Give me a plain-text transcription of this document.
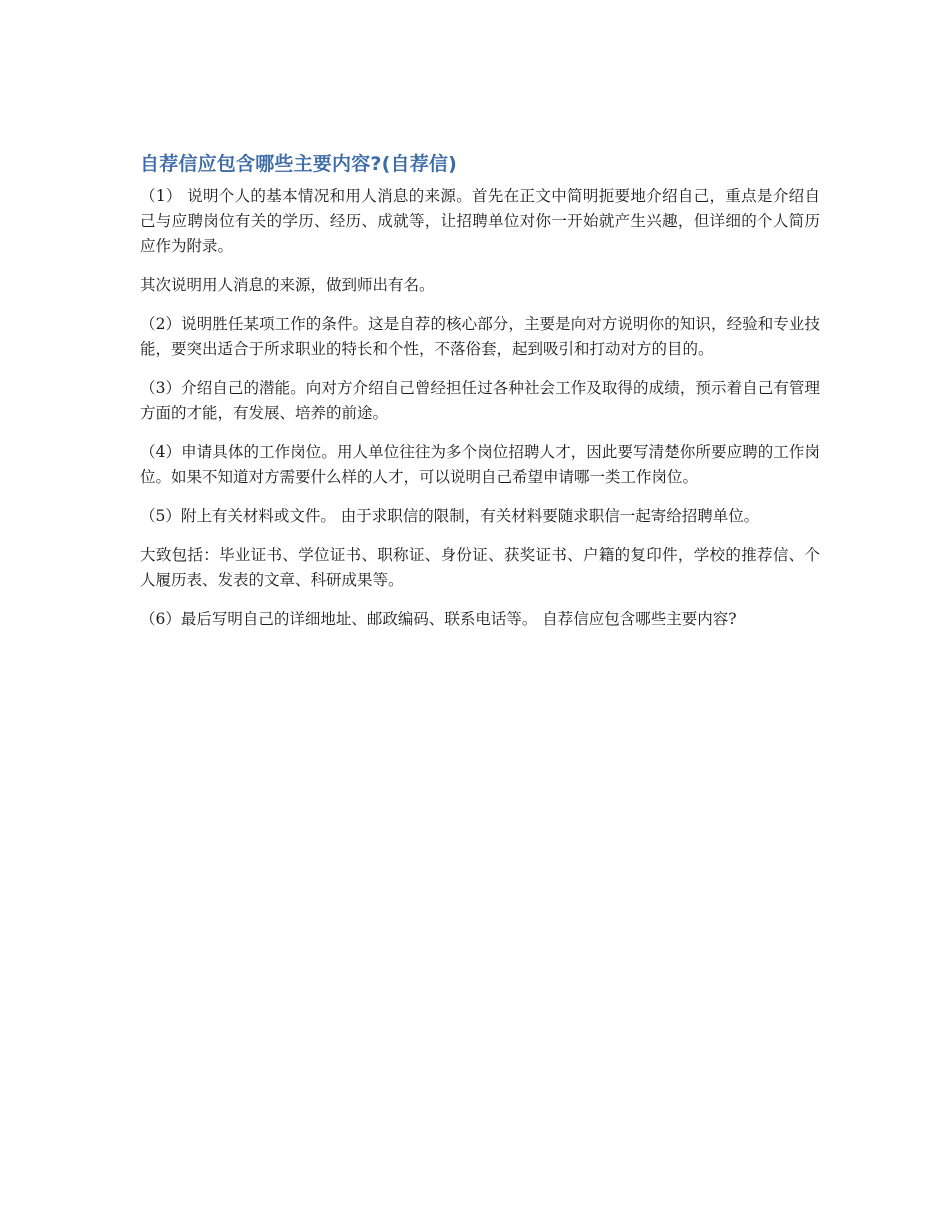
自荐信应包含哪些主要内容?(自荐信)

（1） 说明个人的基本情况和用人消息的来源。首先在正文中简明扼要地介绍自己，重点是介绍自己与应聘岗位有关的学历、经历、成就等，让招聘单位对你一开始就产生兴趣，但详细的个人简历应作为附录。

其次说明用人消息的来源，做到师出有名。

（2）说明胜任某项工作的条件。这是自荐的核心部分，主要是向对方说明你的知识，经验和专业技能，要突出适合于所求职业的特长和个性，不落俗套，起到吸引和打动对方的目的。

（3）介绍自己的潜能。向对方介绍自己曾经担任过各种社会工作及取得的成绩，预示着自己有管理方面的才能，有发展、培养的前途。

（4）申请具体的工作岗位。用人单位往往为多个岗位招聘人才，因此要写清楚你所要应聘的工作岗位。如果不知道对方需要什么样的人才，可以说明自己希望申请哪一类工作岗位。

（5）附上有关材料或文件。 由于求职信的限制，有关材料要随求职信一起寄给招聘单位。

大致包括：毕业证书、学位证书、职称证、身份证、获奖证书、户籍的复印件，学校的推荐信、个人履历表、发表的文章、科研成果等。

（6）最后写明自己的详细地址、邮政编码、联系电话等。 自荐信应包含哪些主要内容?
